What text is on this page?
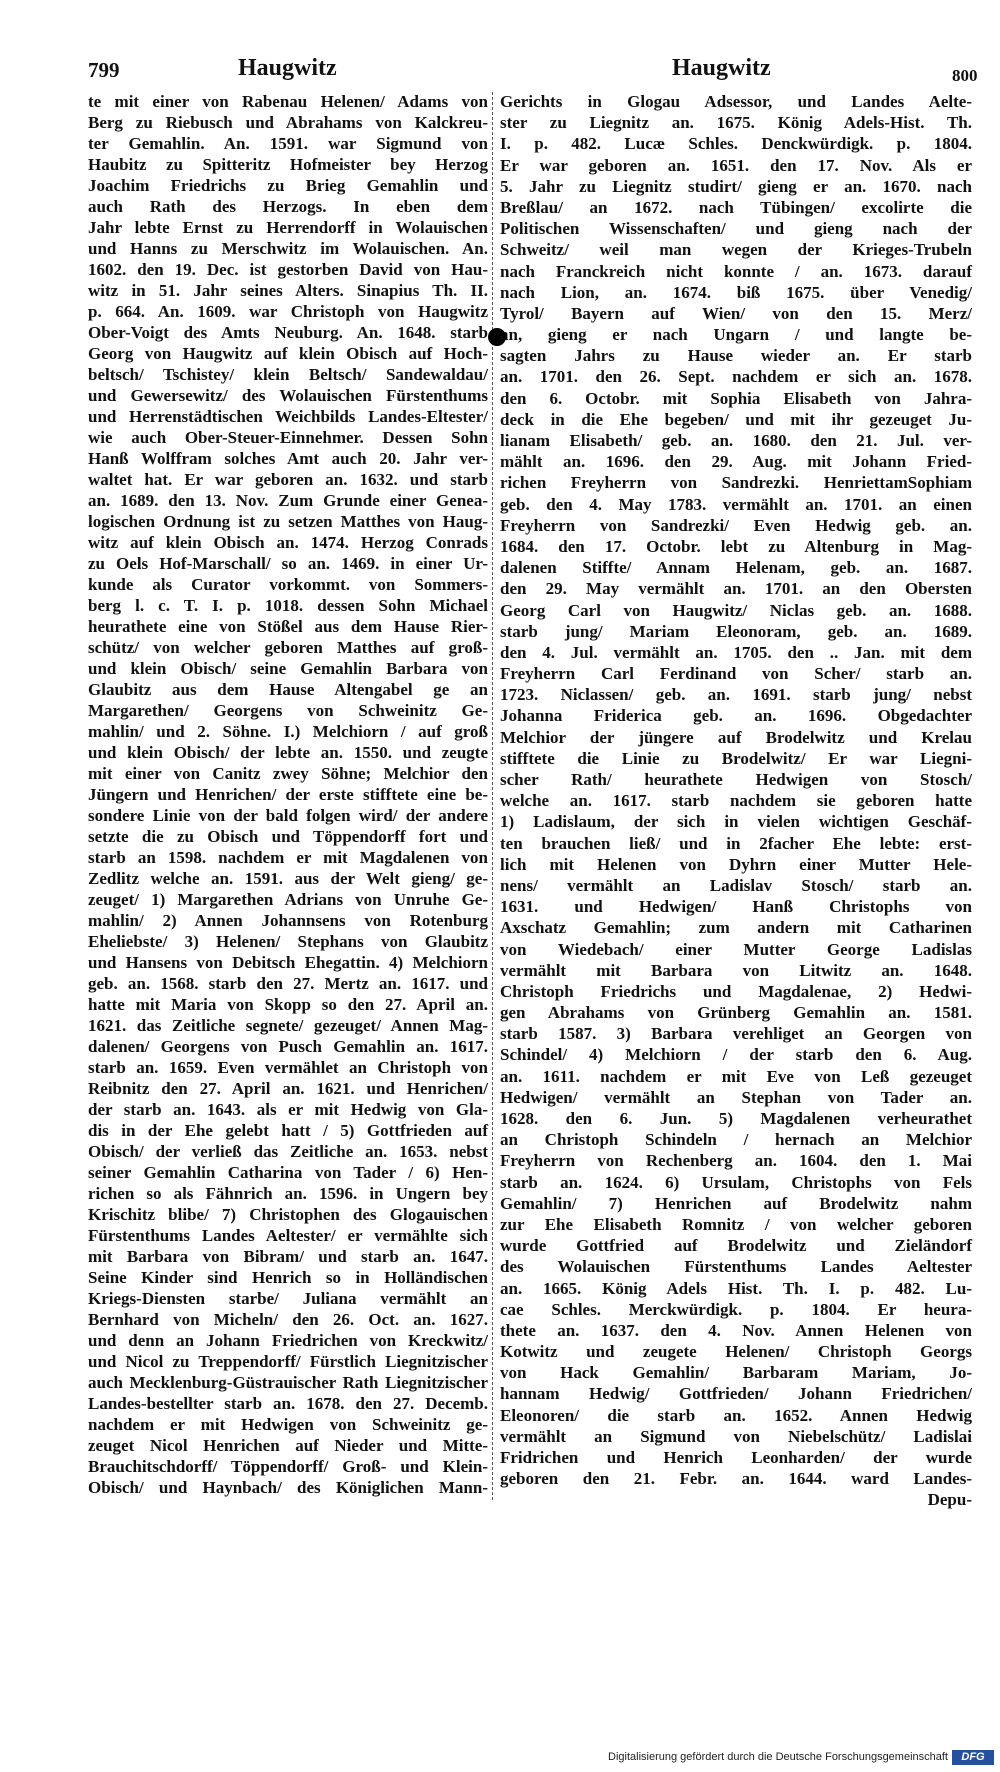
799	Haugwitz	Haugwitz	800
te mit einer von Rabenau Helenen/ Adams von
Berg zu Riebusch und Abrahams von Kalckreu-
ter Gemahlin. An. 1591. war Sigmund von
Haubitz zu Spitteritz Hofmeister bey Herzog
Joachim Friedrichs zu Brieg Gemahlin und
auch Rath des Herzogs. In eben dem
Jahr lebte Ernst zu Herrendorff in Wolauischen
und Hanns zu Merschwitz im Wolauischen. An.
1602. den 19. Dec. ist gestorben David von Hau-
witz in 51. Jahr seines Alters. Sinapius Th. II.
p. 664. An. 1609. war Christoph von Haugwitz
Ober-Voigt des Amts Neuburg. An. 1648. starb
Georg von Haugwitz auf klein Obisch auf Hoch-
beltsch/ Tschistey/ klein Beltsch/ Sandewaldau/
und Gewersewitz/ des Wolauischen Fürstenthums
und Herrenstädtischen Weichbilds Landes-Eltester/
wie auch Ober-Steuer-Einnehmer. Dessen Sohn
Hanß Wolffram solches Amt auch 20. Jahr ver-
waltet hat. Er war geboren an. 1632. und starb
an. 1689. den 13. Nov. Zum Grunde einer Genea-
logischen Ordnung ist zu setzen Matthes von Haug-
witz auf klein Obisch an. 1474. Herzog Conrads
zu Oels Hof-Marschall/ so an. 1469. in einer Ur-
kunde als Curator vorkommt. von Sommers-
berg l. c. T. I. p. 1018. dessen Sohn Michael
heurathete eine von Stößel aus dem Hause Rier-
schütz/ von welcher geboren Matthes auf groß-
und klein Obisch/ seine Gemahlin Barbara von
Glaubitz aus dem Hause Altengabel ge an
Margarethen/ Georgens von Schweinitz Ge-
mahlin/ und 2. Söhne. I.) Melchiorn / auf groß
und klein Obisch/ der lebte an. 1550. und zeugte
mit einer von Canitz zwey Söhne; Melchior den
Jüngern und Henrichen/ der erste stifftete eine be-
sondere Linie von der bald folgen wird/ der andere
setzte die zu Obisch und Töppendorff fort und
starb an 1598. nachdem er mit Magdalenen von
Zedlitz welche an. 1591. aus der Welt gieng/ ge-
zeuget/ 1) Margarethen Adrians von Unruhe Ge-
mahlin/ 2) Annen Johannsens von Rotenburg
Eheliebste/ 3) Helenen/ Stephans von Glaubitz
und Hansens von Debitsch Ehegattin. 4) Melchiorn
geb. an. 1568. starb den 27. Mertz an. 1617. und
hatte mit Maria von Skopp so den 27. April an.
1621. das Zeitliche segnete/ gezeuget/ Annen Mag-
dalenen/ Georgens von Pusch Gemahlin an. 1617.
starb an. 1659. Even vermählet an Christoph von
Reibnitz den 27. April an. 1621. und Henrichen/
der starb an. 1643. als er mit Hedwig von Gla-
dis in der Ehe gelebt hatt / 5) Gottfrieden auf
Obisch/ der verließ das Zeitliche an. 1653. nebst
seiner Gemahlin Catharina von Tader / 6) Hen-
richen so als Fähnrich an. 1596. in Ungern bey
Krischitz blibe/ 7) Christophen des Glogauischen
Fürstenthums Landes Aeltester/ er vermählte sich
mit Barbara von Bibram/ und starb an. 1647.
Seine Kinder sind Henrich so in Holländischen
Kriegs-Diensten starbe/ Juliana vermählt an
Bernhard von Micheln/ den 26. Oct. an. 1627.
und denn an Johann Friedrichen von Kreckwitz/
und Nicol zu Treppendorff/ Fürstlich Liegnitzischer
auch Mecklenburg-Güstrauischer Rath Liegnitzischer
Landes-bestellter starb an. 1678. den 27. Decemb.
nachdem er mit Hedwigen von Schweinitz ge-
zeuget Nicol Henrichen auf Nieder und Mitte-
Brauchitschdorff/ Töppendorff/ Groß- und Klein-
Obisch/ und Haynbach/ des Königlichen Mann-
Gerichts in Glogau Adsessor, und Landes Aelte-
ster zu Liegnitz an. 1675. König Adels-Hist. Th.
I. p. 482. Lucæ Schles. Denckwürdigk. p. 1804.
Er war geboren an. 1651. den 17. Nov. Als er
5. Jahr zu Liegnitz studirt/ gieng er an. 1670. nach
Breßlau/ an 1672. nach Tübingen/ excolirte die
Politischen Wissenschaften/ und gieng nach der
Schweitz/ weil man wegen der Krieges-Trubeln
nach Franckreich nicht konnte / an. 1673. darauf
nach Lion, an. 1674. biß 1675. über Venedig/
Tyrol/ Bayern auf Wien/ von den 15. Merz/
an, gieng er nach Ungarn / und langte be-
sagten Jahrs zu Hause wieder an. Er starb
an. 1701. den 26. Sept. nachdem er sich an. 1678.
den 6. Octobr. mit Sophia Elisabeth von Jahra-
deck in die Ehe begeben/ und mit ihr gezeuget Ju-
lianam Elisabeth/ geb. an. 1680. den 21. Jul. ver-
mählt an. 1696. den 29. Aug. mit Johann Fried-
richen Freyherrn von Sandrezki. HenriettamSophiam
geb. den 4. May 1783. vermählt an. 1701. an einen
Freyherrn von Sandrezki/ Even Hedwig geb. an.
1684. den 17. Octobr. lebt zu Altenburg in Mag-
dalenen Stiffte/ Annam Helenam, geb. an. 1687.
den 29. May vermählt an. 1701. an den Obersten
Georg Carl von Haugwitz/ Niclas geb. an. 1688.
starb jung/ Mariam Eleonoram, geb. an. 1689.
den 4. Jul. vermählt an. 1705. den .. Jan. mit dem
Freyherrn Carl Ferdinand von Scher/ starb an.
1723. Niclassen/ geb. an. 1691. starb jung/ nebst
Johanna Friderica geb. an. 1696. Obgedachter
Melchior der jüngere auf Brodelwitz und Krelau
stifftete die Linie zu Brodelwitz/ Er war Liegni-
scher Rath/ heurathete Hedwigen von Stosch/
welche an. 1617. starb nachdem sie geboren hatte
1) Ladislaum, der sich in vielen wichtigen Geschäf-
ten brauchen ließ/ und in 2facher Ehe lebte: erst-
lich mit Helenen von Dyhrn einer Mutter Hele-
nens/ vermählt an Ladislav Stosch/ starb an.
1631. und Hedwigen/ Hanß Christophs von
Axschatz Gemahlin; zum andern mit Catharinen
von Wiedebach/ einer Mutter George Ladislas
vermählt mit Barbara von Litwitz an. 1648.
Christoph Friedrichs und Magdalenae, 2) Hedwi-
gen Abrahams von Grünberg Gemahlin an. 1581.
starb 1587. 3) Barbara verehliget an Georgen von
Schindel/ 4) Melchiorn / der starb den 6. Aug.
an. 1611. nachdem er mit Eve von Leß gezeuget
Hedwigen/ vermählt an Stephan von Tader an.
1628. den 6. Jun. 5) Magdalenen verheurathet
an Christoph Schindeln / hernach an Melchior
Freyherrn von Rechenberg an. 1604. den 1. Mai
starb an. 1624. 6) Ursulam, Christophs von Fels
Gemahlin/ 7) Henrichen auf Brodelwitz nahm
zur Ehe Elisabeth Romnitz / von welcher geboren
wurde Gottfried auf Brodelwitz und Zieländorf
des Wolauischen Fürstenthums Landes Aeltester
an. 1665. König Adels Hist. Th. I. p. 482. Lu-
cae Schles. Merckwürdigk. p. 1804. Er heura-
thete an. 1637. den 4. Nov. Annen Helenen von
Kotwitz und zeugete Helenen/ Christoph Georgs
von Hack Gemahlin/ Barbaram Mariam, Jo-
hannam Hedwig/ Gottfrieden/ Johann Friedrichen/
Eleonoren/ die starb an. 1652. Annen Hedwig
vermählt an Sigmund von Niebelschütz/ Ladislai
Fridrichen und Henrich Leonharden/ der wurde
geboren den 21. Febr. an. 1644. ward Landes-
Depu-
Digitalisierung gefördert durch die Deutsche Forschungsgemeinschaft	DFG
